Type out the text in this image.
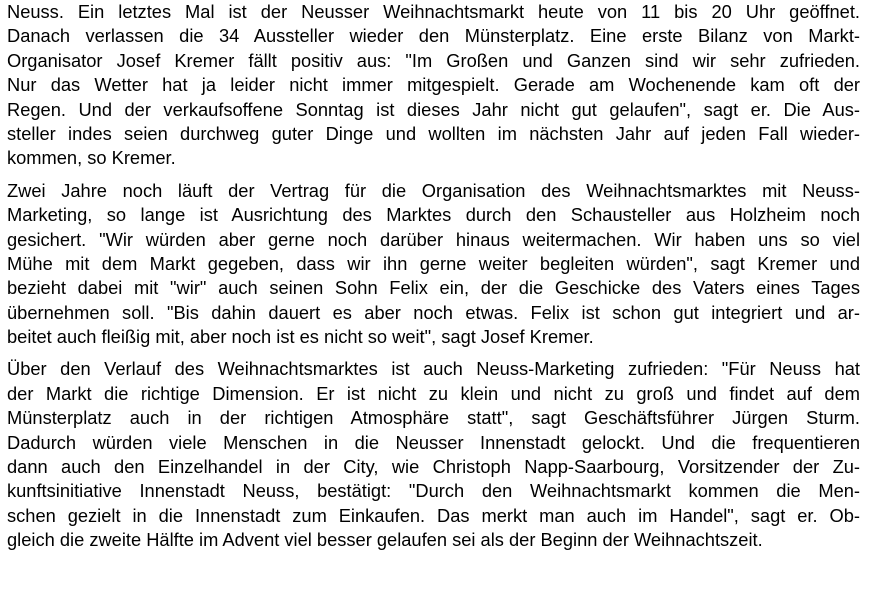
Neuss. Ein letztes Mal ist der Neusser Weihnachtsmarkt heute von 11 bis 20 Uhr geöffnet.
Danach verlassen die 34 Aussteller wieder den Münsterplatz. Eine erste Bilanz von Markt-
Organisator Josef Kremer fällt positiv aus: "Im Großen und Ganzen sind wir sehr zufrieden.
Nur das Wetter hat ja leider nicht immer mitgespielt. Gerade am Wochenende kam oft der
Regen. Und der verkaufsoffene Sonntag ist dieses Jahr nicht gut gelaufen", sagt er. Die Aus-
steller indes seien durchweg guter Dinge und wollten im nächsten Jahr auf jeden Fall wieder-
kommen, so Kremer.
Zwei Jahre noch läuft der Vertrag für die Organisation des Weihnachtsmarktes mit Neuss-
Marketing, so lange ist Ausrichtung des Marktes durch den Schausteller aus Holzheim noch
gesichert. "Wir würden aber gerne noch darüber hinaus weitermachen. Wir haben uns so viel
Mühe mit dem Markt gegeben, dass wir ihn gerne weiter begleiten würden", sagt Kremer und
bezieht dabei mit "wir" auch seinen Sohn Felix ein, der die Geschicke des Vaters eines Tages
übernehmen soll. "Bis dahin dauert es aber noch etwas. Felix ist schon gut integriert und ar-
beitet auch fleißig mit, aber noch ist es nicht so weit", sagt Josef Kremer.
Über den Verlauf des Weihnachtsmarktes ist auch Neuss-Marketing zufrieden: "Für Neuss hat
der Markt die richtige Dimension. Er ist nicht zu klein und nicht zu groß und findet auf dem
Münsterplatz auch in der richtigen Atmosphäre statt", sagt Geschäftsführer Jürgen Sturm.
Dadurch würden viele Menschen in die Neusser Innenstadt gelockt. Und die frequentieren
dann auch den Einzelhandel in der City, wie Christoph Napp-Saarbourg, Vorsitzender der Zu-
kunftsinitiative Innenstadt Neuss, bestätigt: "Durch den Weihnachtsmarkt kommen die Men-
schen gezielt in die Innenstadt zum Einkaufen. Das merkt man auch im Handel", sagt er. Ob-
gleich die zweite Hälfte im Advent viel besser gelaufen sei als der Beginn der Weihnachtszeit.
